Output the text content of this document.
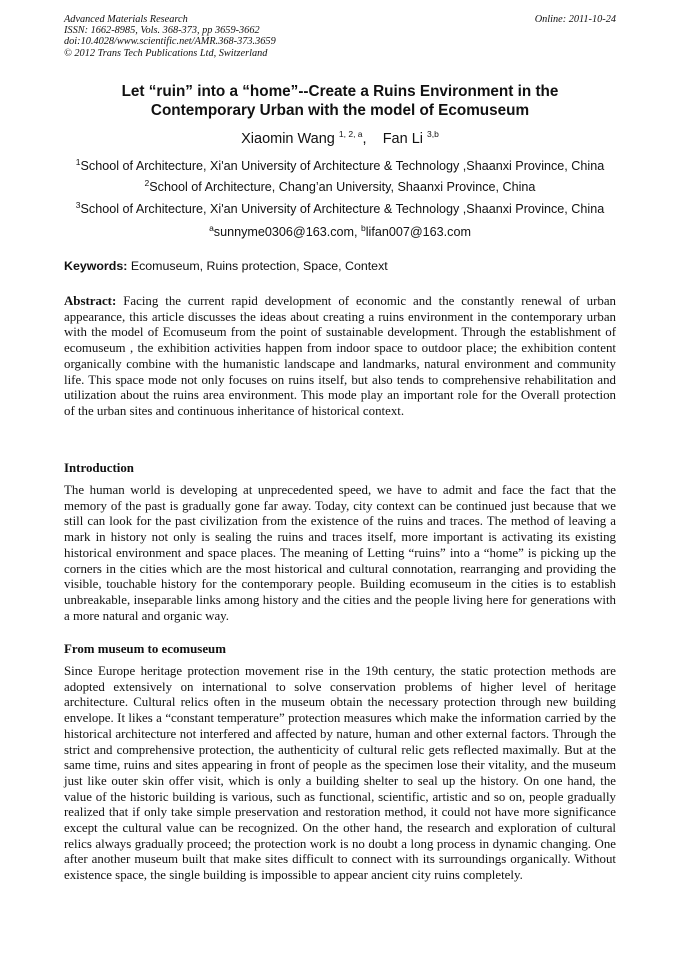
Advanced Materials Research
ISSN: 1662-8985, Vols. 368-373, pp 3659-3662
doi:10.4028/www.scientific.net/AMR.368-373.3659
© 2012 Trans Tech Publications Ltd, Switzerland
Online: 2011-10-24
Let “ruin” into a “home”--Create a Ruins Environment in the
Contemporary Urban with the model of Ecomuseum
Xiaomin Wang $^{1, 2, a}$, Fan Li $^{3,b}$
$^1$School of Architecture, Xi'an University of Architecture & Technology ,Shaanxi Province, China
$^2$School of Architecture, Chang’an University, Shaanxi Province, China
$^3$School of Architecture, Xi'an University of Architecture & Technology ,Shaanxi Province, China
$^a$sunnyme0306@163.com, $^b$lifan007@163.com
Keywords: Ecomuseum, Ruins protection, Space, Context
Abstract: Facing the current rapid development of economic and the constantly renewal of urban appearance, this article discusses the ideas about creating a ruins environment in the contemporary urban with the model of Ecomuseum from the point of sustainable development. Through the establishment of ecomuseum , the exhibition activities happen from indoor space to outdoor place; the exhibition content organically combine with the humanistic landscape and landmarks, natural environment and community life. This space mode not only focuses on ruins itself, but also tends to comprehensive rehabilitation and utilization about the ruins area environment. This mode play an important role for the Overall protection of the urban sites and continuous inheritance of historical context.
Introduction
The human world is developing at unprecedented speed, we have to admit and face the fact that the memory of the past is gradually gone far away. Today, city context can be continued just because that we still can look for the past civilization from the existence of the ruins and traces. The method of leaving a mark in history not only is sealing the ruins and traces itself, more important is activating its existing historical environment and space places. The meaning of Letting “ruins” into a “home” is picking up the corners in the cities which are the most historical and cultural connotation, rearranging and providing the visible, touchable history for the contemporary people. Building ecomuseum in the cities is to establish unbreakable, inseparable links among history and the cities and the people living here for generations with a more natural and organic way.
From museum to ecomuseum
Since Europe heritage protection movement rise in the 19th century, the static protection methods are adopted extensively on international to solve conservation problems of higher level of heritage architecture. Cultural relics often in the museum obtain the necessary protection through new building envelope. It likes a “constant temperature” protection measures which make the information carried by the historical architecture not interfered and affected by nature, human and other external factors. Through the strict and comprehensive protection, the authenticity of cultural relic gets reflected maximally. But at the same time, ruins and sites appearing in front of people as the specimen lose their vitality, and the museum just like outer skin offer visit, which is only a building shelter to seal up the history. On one hand, the value of the historic building is various, such as functional, scientific, artistic and so on, people gradually realized that if only take simple preservation and restoration method, it could not have more significance except the cultural value can be recognized. On the other hand, the research and exploration of cultural relics always gradually proceed; the protection work is no doubt a long process in dynamic changing. One after another museum built that make sites difficult to connect with its surroundings organically. Without existence space, the single building is impossible to appear ancient city ruins completely.
